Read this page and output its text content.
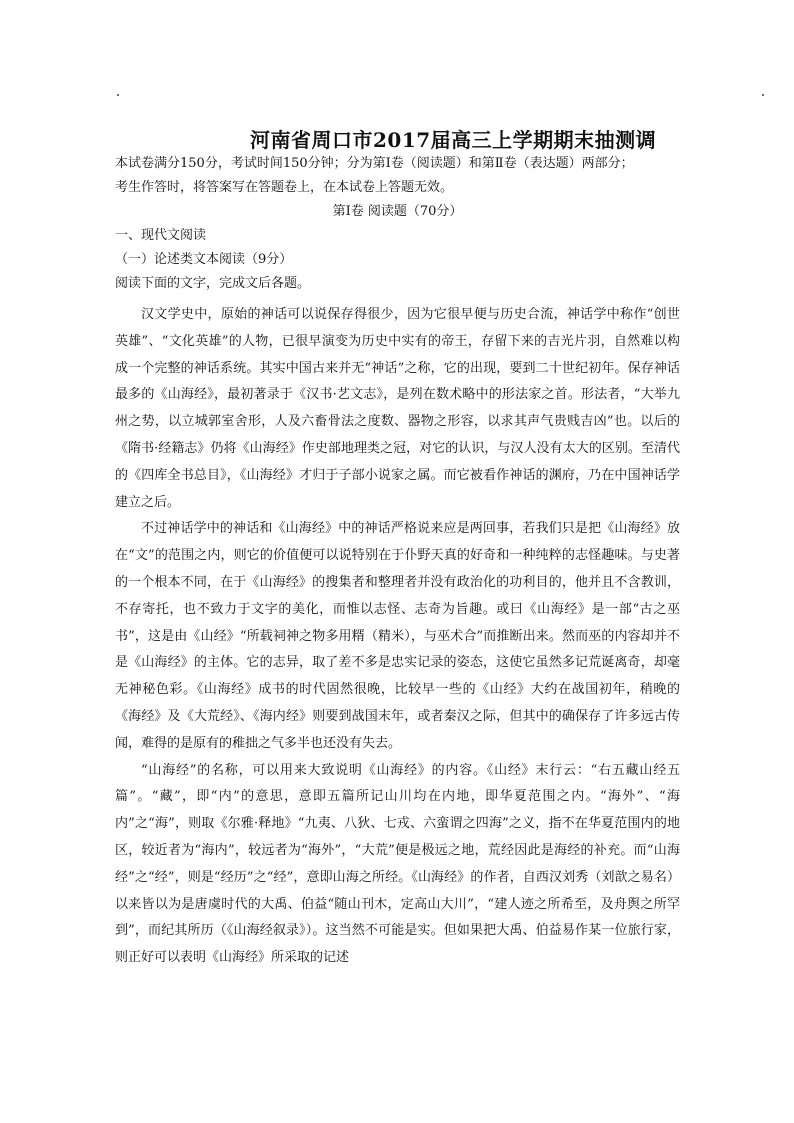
河南省周口市2017届高三上学期期末抽测调
本试卷满分150分，考试时间150分钟；分为第Ⅰ卷（阅读题）和第Ⅱ卷（表达题）两部分；
考生作答时，将答案写在答题卷上，在本试卷上答题无效。
第Ⅰ卷 阅读题（70分）
一、现代文阅读
（一）论述类文本阅读（9分）
阅读下面的文字，完成文后各题。

汉文学史中，原始的神话可以说保存得很少，因为它很早便与历史合流，神话学中称作“创世英雄”、“文化英雄”的人物，已很早演变为历史中实有的帝王，存留下来的吉光片羽，自然难以构成一个完整的神话系统。其实中国古来并无“神话”之称，它的出现，要到二十世纪初年。保存神话最多的《山海经》，最初著录于《汉书·艺文志》，是列在数术略中的形法家之首。形法者，“大举九州之势，以立城郭室舍形，人及六畜骨法之度数、器物之形容，以求其声气贵贱吉凶”也。以后的《隋书·经籍志》仍将《山海经》作史部地理类之冠，对它的认识，与汉人没有太大的区别。至清代的《四库全书总目》，《山海经》才归于子部小说家之属。而它被看作神话的渊府，乃在中国神话学建立之后。

不过神话学中的神话和《山海经》中的神话严格说来应是两回事，若我们只是把《山海经》放在“文”的范围之内，则它的价值便可以说特别在于仆野天真的好奇和一种纯粹的志怪趣味。与史著的一个根本不同，在于《山海经》的搜集者和整理者并没有政治化的功利目的，他并且不含教训，不存寄托，也不致力于文字的美化，而惟以志怪、志奇为旨趣。或曰《山海经》是一部“古之巫书”，这是由《山经》“所载祠神之物多用糈（精米），与巫术合”而推断出来。然而巫的内容却并不是《山海经》的主体。它的志异，取了差不多是忠实记录的姿态，这使它虽然多记荒诞离奇，却毫无神秘色彩。《山海经》成书的时代固然很晚，比较早一些的《山经》大约在战国初年，稍晚的《海经》及《大荒经》、《海内经》则要到战国末年，或者秦汉之际，但其中的确保存了许多远古传闻，难得的是原有的稚拙之气多半也还没有失去。

“山海经”的名称，可以用来大致说明《山海经》的内容。《山经》末行云：“右五藏山经五篇”。“藏”，即“内”的意思，意即五篇所记山川均在内地，即华夏范围之内。“海外”、“海内”之“海”，则取《尔雅·释地》“九夷、八狄、七戎、六蛮谓之四海”之义，指不在华夏范围内的地区，较近者为“海内”，较远者为“海外”，“大荒”便是极远之地，荒经因此是海经的补充。而“山海经”之“经”，则是“经历”之“经”，意即山海之所经。《山海经》的作者，自西汉刘秀（刘歆之易名）以来皆以为是唐虞时代的大禹、伯益“随山刊木，定高山大川”，“建人迹之所希至，及舟舆之所罕到”，而纪其所历（《山海经叙录》）。这当然不可能是实。但如果把大禹、伯益易作某一位旅行家，则正好可以表明《山海经》所采取的记述
